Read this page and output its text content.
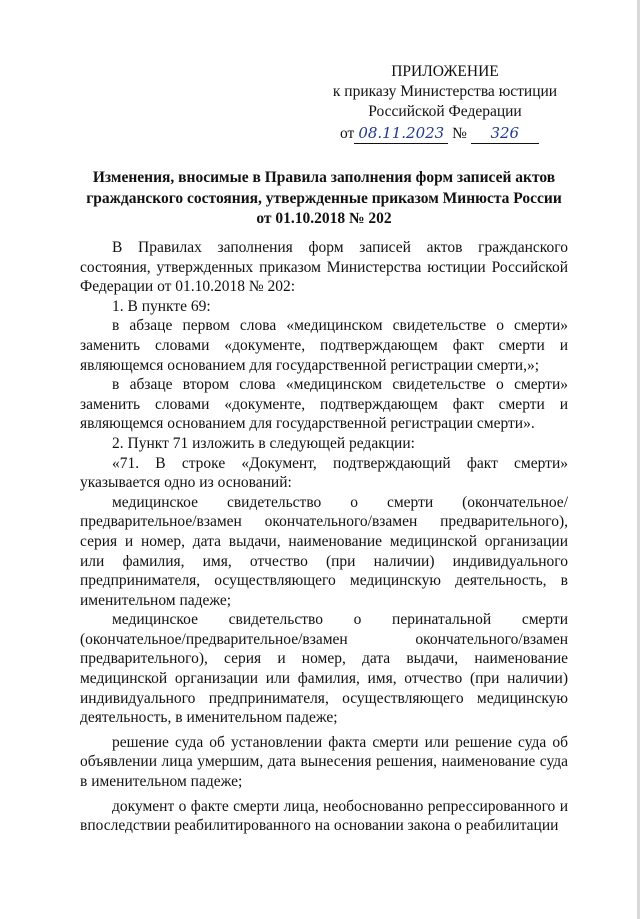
ПРИЛОЖЕНИЕ
к приказу Министерства юстиции
Российской Федерации
от 08.11.2023 № 326
Изменения, вносимые в Правила заполнения форм записей актов
гражданского состояния, утвержденные приказом Минюста России
от 01.10.2018 № 202

В Правилах заполнения форм записей актов гражданского состояния, утвержденных приказом Министерства юстиции Российской Федерации от 01.10.2018 № 202:

1. В пункте 69:

в абзаце первом слова «медицинском свидетельстве о смерти» заменить словами «документе, подтверждающем факт смерти и являющемся основанием для государственной регистрации смерти,»;

в абзаце втором слова «медицинском свидетельстве о смерти» заменить словами «документе, подтверждающем факт смерти и являющемся основанием для государственной регистрации смерти».

2. Пункт 71 изложить в следующей редакции:

«71. В строке «Документ, подтверждающий факт смерти» указывается одно из оснований:

медицинское свидетельство о смерти (окончательное/предварительное/взамен окончательного/взамен предварительного), серия и номер, дата выдачи, наименование медицинской организации или фамилия, имя, отчество (при наличии) индивидуального предпринимателя, осуществляющего медицинскую деятельность, в именительном падеже;

медицинское свидетельство о перинатальной смерти (окончательное/предварительное/взамен окончательного/взамен предварительного), серия и номер, дата выдачи, наименование медицинской организации или фамилия, имя, отчество (при наличии) индивидуального предпринимателя, осуществляющего медицинскую деятельность, в именительном падеже;

решение суда об установлении факта смерти или решение суда об объявлении лица умершим, дата вынесения решения, наименование суда в именительном падеже;

документ о факте смерти лица, необоснованно репрессированного и впоследствии реабилитированного на основании закона о реабилитации
